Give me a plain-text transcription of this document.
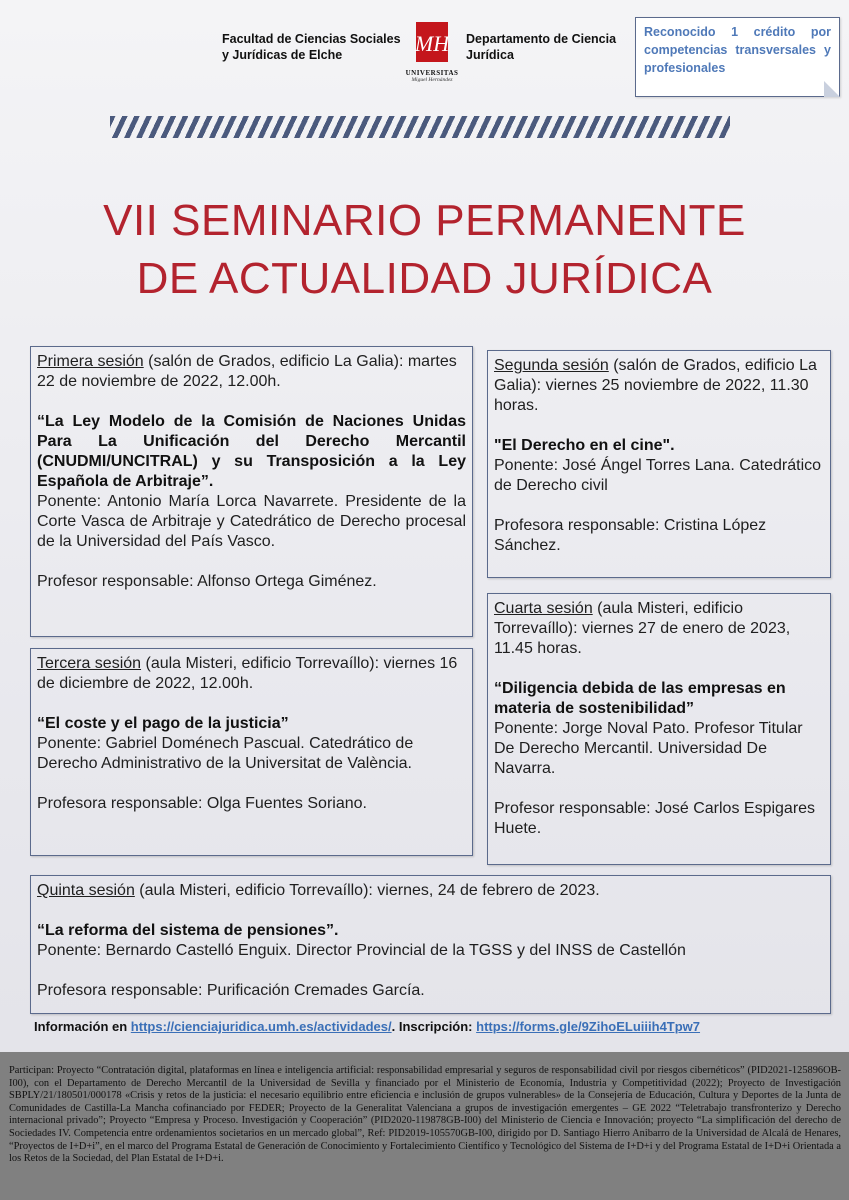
Facultad de Ciencias Sociales y Jurídicas de Elche	MH
UNIVERSITAS
Miguel Hernández
Departamento de Ciencia Jurídica
Reconocido 1 crédito por competencias transversales y profesionales
VII SEMINARIO PERMANENTE
DE ACTUALIDAD JURÍDICA

Primera sesión (salón de Grados, edificio La Galia): martes 22 de noviembre de 2022, 12.00h.

“La Ley Modelo de la Comisión de Naciones Unidas Para La Unificación del Derecho Mercantil (CNUDMI/UNCITRAL) y su Transposición a la Ley Española de Arbitraje”.

Ponente: Antonio María Lorca Navarrete. Presidente de la Corte Vasca de Arbitraje y Catedrático de Derecho procesal de la Universidad del País Vasco.

Profesor responsable: Alfonso Ortega Giménez.

Segunda sesión (salón de Grados, edificio La Galia): viernes 25 noviembre de 2022, 11.30 horas.

"El Derecho en el cine".

Ponente: José Ángel Torres Lana. Catedrático de Derecho civil

Profesora responsable: Cristina López Sánchez.

Tercera sesión (aula Misteri, edificio Torrevaíllo): viernes 16 de diciembre de 2022, 12.00h.

“El coste y el pago de la justicia”

Ponente: Gabriel Doménech Pascual. Catedrático de Derecho Administrativo de la Universitat de València.

Profesora responsable: Olga Fuentes Soriano.

Cuarta sesión (aula Misteri, edificio Torrevaíllo): viernes 27 de enero de 2023, 11.45 horas.

“Diligencia debida de las empresas en materia de sostenibilidad”

Ponente: Jorge Noval Pato. Profesor Titular De Derecho Mercantil. Universidad De Navarra.

Profesor responsable: José Carlos Espigares Huete.

Quinta sesión (aula Misteri, edificio Torrevaíllo): viernes, 24 de febrero de 2023.

“La reforma del sistema de pensiones”.

Ponente: Bernardo Castelló Enguix. Director Provincial de la TGSS y del INSS de Castellón

Profesora responsable: Purificación Cremades García.

Información en https://cienciajuridica.umh.es/actividades/. Inscripción: https://forms.gle/9ZihoELuiiih4Tpw7
Participan: Proyecto “Contratación digital, plataformas en línea e inteligencia artificial: responsabilidad empresarial y seguros de responsabilidad civil por riesgos cibernéticos” (PID2021-125896OB-I00), con el Departamento de Derecho Mercantil de la Universidad de Sevilla y financiado por el Ministerio de Economía, Industria y Competitividad (2022); Proyecto de Investigación SBPLY/21/180501/000178 «Crisis y retos de la justicia: el necesario equilibrio entre eficiencia e inclusión de grupos vulnerables» de la Consejería de Educación, Cultura y Deportes de la Junta de Comunidades de Castilla-La Mancha cofinanciado por FEDER; Proyecto de la Generalitat Valenciana a grupos de investigación emergentes – GE 2022 “Teletrabajo transfronterizo y Derecho internacional privado”; Proyecto “Empresa y Proceso. Investigación y Cooperación” (PID2020-119878GB-I00) del Ministerio de Ciencia e Innovación; proyecto “La simplificación del derecho de Sociedades IV. Competencia entre ordenamientos societarios en un mercado global”, Ref: PID2019-105570GB-I00, dirigido por D. Santiago Hierro Anibarro de la Universidad de Alcalá de Henares, “Proyectos de I+D+i”, en el marco del Programa Estatal de Generación de Conocimiento y Fortalecimiento Científico y Tecnológico del Sistema de I+D+i y del Programa Estatal de I+D+i Orientada a los Retos de la Sociedad, del Plan Estatal de I+D+i.
